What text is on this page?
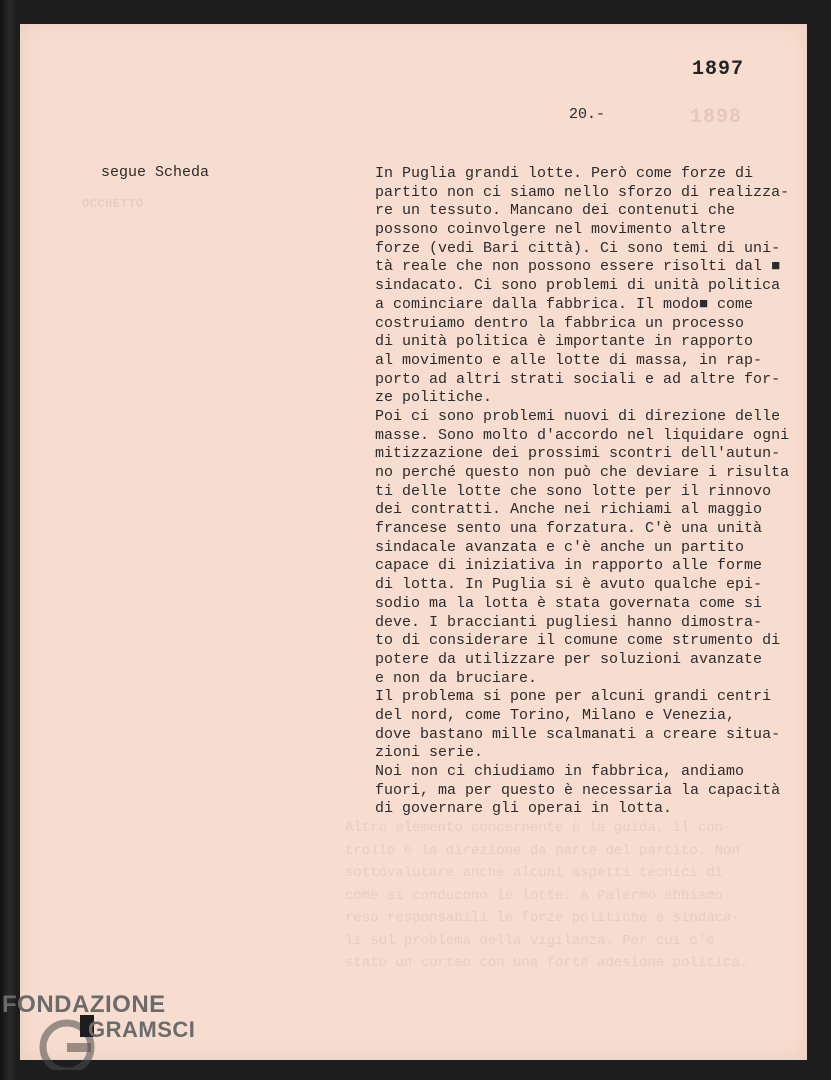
1898
1897
20.-
segue Scheda
OCCHETTO
Altro elemento concernente è la guida, il con-
trollo e la direzione da parte del partito. Non
sottovalutare anche alcuni aspetti tecnici di
come si conducono le lotte. A Palermo abbiamo
reso responsabili le forze politiche e sindaca-
li sul problema della vigilanza. Per cui c'è
stato un corteo con una forte adesione politica.
In Puglia grandi lotte. Però come forze di
partito non ci siamo nello sforzo di realizza-
re un tessuto. Mancano dei contenuti che
possono coinvolgere nel movimento altre
forze (vedi Bari città). Ci sono temi di uni-
tà reale che non possono essere risolti dal ■
sindacato. Ci sono problemi di unità politica
a cominciare dalla fabbrica. Il modo■ come
costruiamo dentro la fabbrica un processo
di unità politica è importante in rapporto
al movimento e alle lotte di massa, in rap-
porto ad altri strati sociali e ad altre for-
ze politiche.
Poi ci sono problemi nuovi di direzione delle
masse. Sono molto d'accordo nel liquidare ogni
mitizzazione dei prossimi scontri dell'autun-
no perché questo non può che deviare i risulta
ti delle lotte che sono lotte per il rinnovo
dei contratti. Anche nei richiami al maggio
francese sento una forzatura. C'è una unità
sindacale avanzata e c'è anche un partito
capace di iniziativa in rapporto alle forme
di lotta. In Puglia si è avuto qualche epi-
sodio ma la lotta è stata governata come si
deve. I braccianti pugliesi hanno dimostra-
to di considerare il comune come strumento di
potere da utilizzare per soluzioni avanzate
e non da bruciare.
Il problema si pone per alcuni grandi centri
del nord, come Torino, Milano e Venezia,
dove bastano mille scalmanati a creare situa-
zioni serie.
Noi non ci chiudiamo in fabbrica, andiamo
fuori, ma per questo è necessaria la capacità
di governare gli operai in lotta.
FONDAZIONE
GRAMSCI
